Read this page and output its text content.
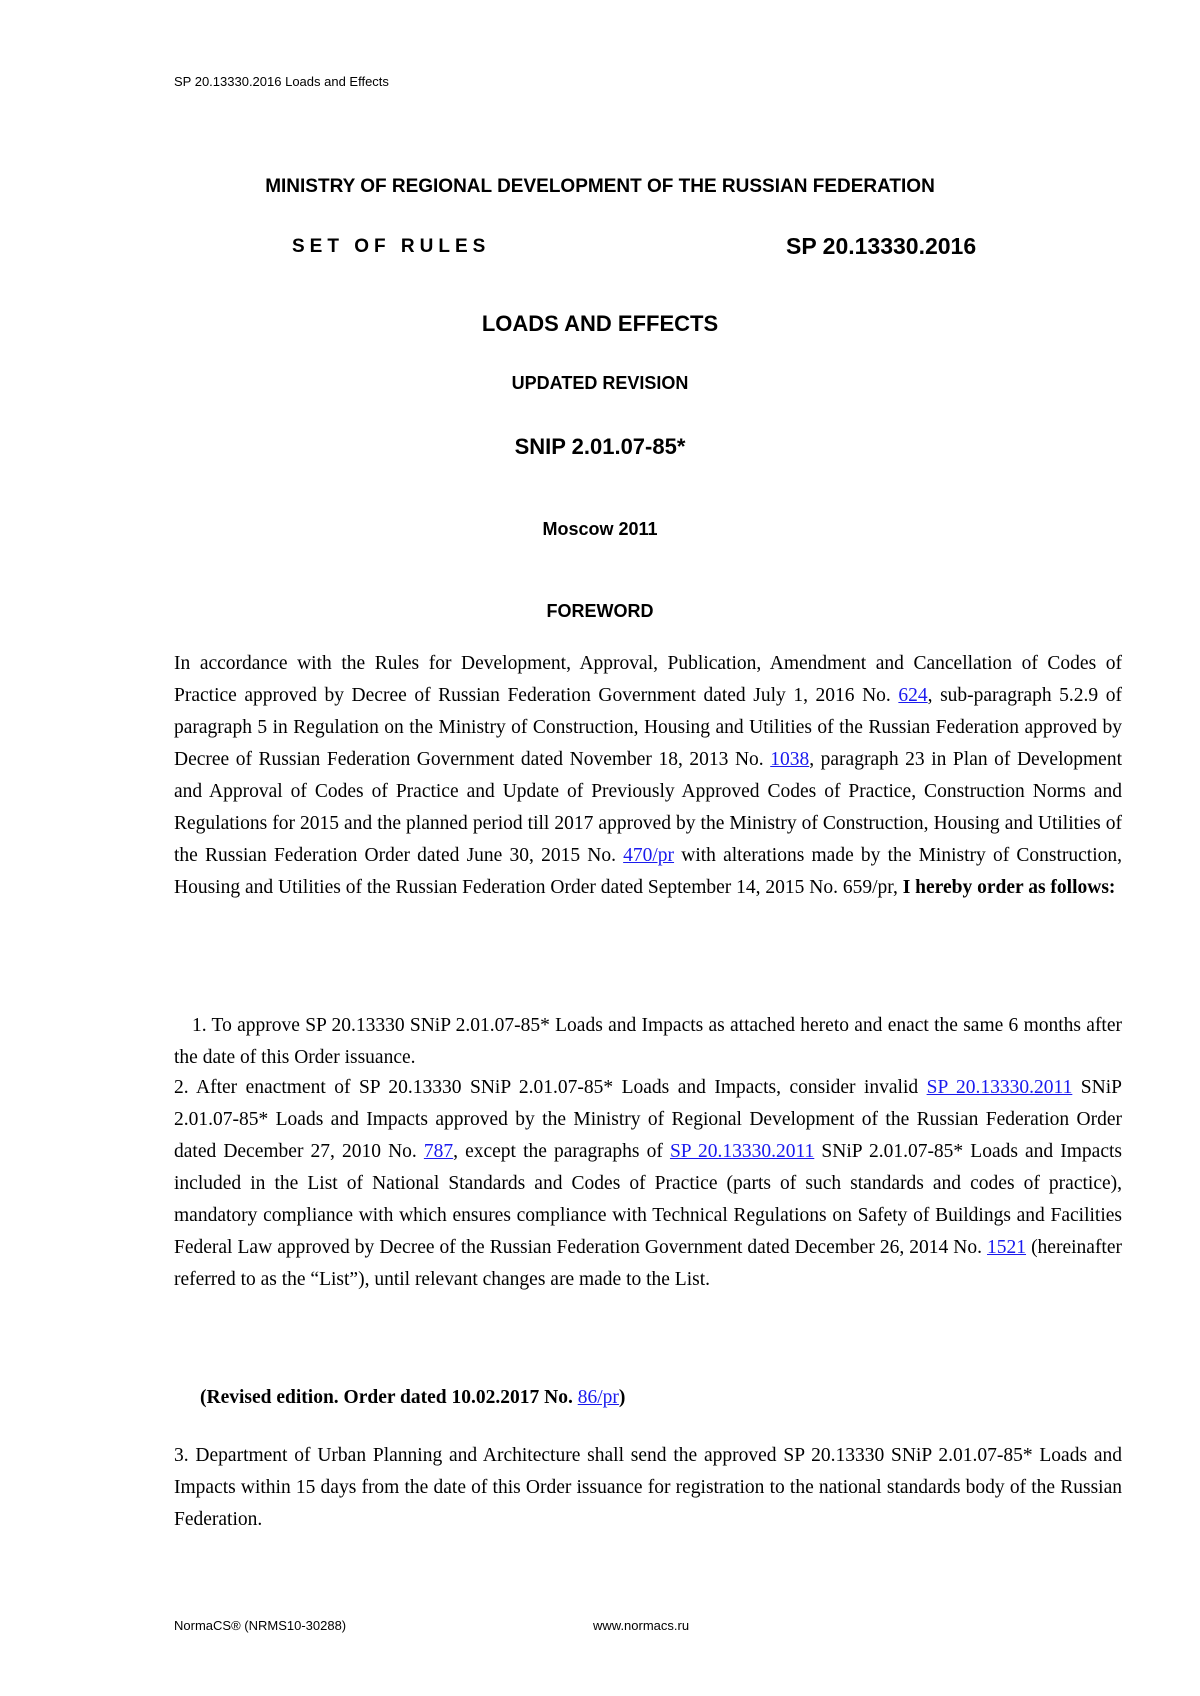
SP 20.13330.2016 Loads and Effects
MINISTRY OF REGIONAL DEVELOPMENT OF THE RUSSIAN FEDERATION
SET OF RULES	SP 20.13330.2016
LOADS AND EFFECTS
UPDATED REVISION
SNIP 2.01.07-85*
Moscow 2011
FOREWORD
In accordance with the Rules for Development, Approval, Publication, Amendment and Cancellation of Codes of Practice approved by Decree of Russian Federation Government dated July 1, 2016 No. 624, sub-paragraph 5.2.9 of paragraph 5 in Regulation on the Ministry of Construction, Housing and Utilities of the Russian Federation approved by Decree of Russian Federation Government dated November 18, 2013 No. 1038, paragraph 23 in Plan of Development and Approval of Codes of Practice and Update of Previously Approved Codes of Practice, Construction Norms and Regulations for 2015 and the planned period till 2017 approved by the Ministry of Construction, Housing and Utilities of the Russian Federation Order dated June 30, 2015 No. 470/pr with alterations made by the Ministry of Construction, Housing and Utilities of the Russian Federation Order dated September 14, 2015 No. 659/pr, I hereby order as follows:
1. To approve SP 20.13330 SNiP 2.01.07-85* Loads and Impacts as attached hereto and enact the same 6 months after the date of this Order issuance.
2. After enactment of SP 20.13330 SNiP 2.01.07-85* Loads and Impacts, consider invalid SP 20.13330.2011 SNiP 2.01.07-85* Loads and Impacts approved by the Ministry of Regional Development of the Russian Federation Order dated December 27, 2010 No. 787, except the paragraphs of SP 20.13330.2011 SNiP 2.01.07-85* Loads and Impacts included in the List of National Standards and Codes of Practice (parts of such standards and codes of practice), mandatory compliance with which ensures compliance with Technical Regulations on Safety of Buildings and Facilities Federal Law approved by Decree of the Russian Federation Government dated December 26, 2014 No. 1521 (hereinafter referred to as the “List”), until relevant changes are made to the List.
(Revised edition. Order dated 10.02.2017 No. 86/pr)
3. Department of Urban Planning and Architecture shall send the approved SP 20.13330 SNiP 2.01.07-85* Loads and Impacts within 15 days from the date of this Order issuance for registration to the national standards body of the Russian Federation.
NormaCS® (NRMS10-30288)	www.normacs.ru
